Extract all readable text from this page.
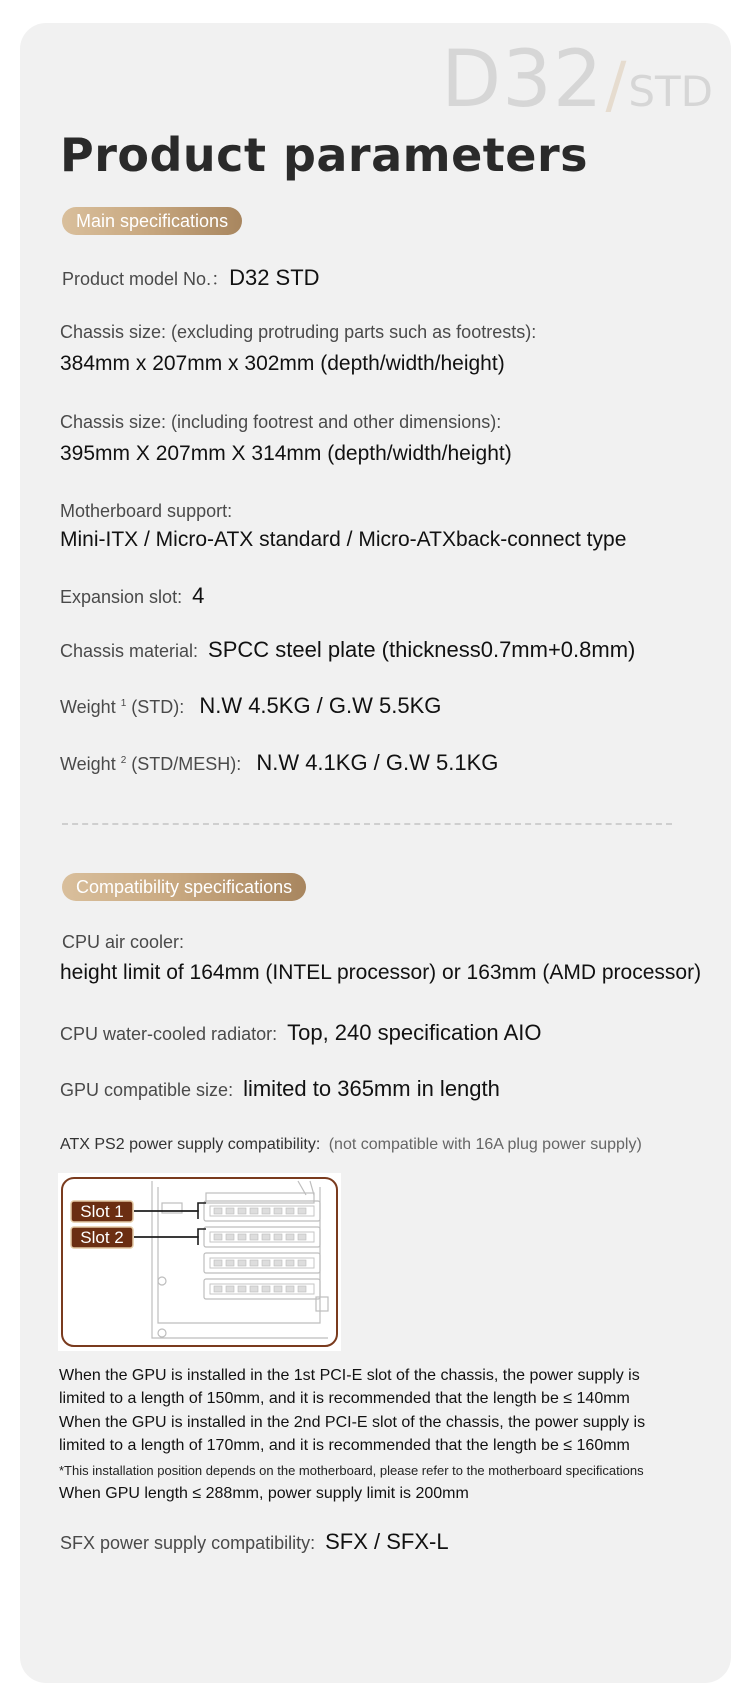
D32/STD
Product parameters
Main specifications
Product model No.：D32 STD
Chassis size: (excluding protruding parts such as footrests):
384mm x 207mm x 302mm (depth/width/height)
Chassis size: (including footrest and other dimensions):
395mm X 207mm X 314mm (depth/width/height)
Motherboard support:
Mini-ITX / Micro-ATX standard / Micro-ATXback-connect type
Expansion slot: 4
Chassis material: SPCC steel plate (thickness0.7mm+0.8mm)
Weight $^1$ (STD): N.W 4.5KG / G.W 5.5KG
Weight $^2$ (STD/MESH): N.W 4.1KG / G.W 5.1KG
Compatibility specifications
CPU air cooler:
height limit of 164mm (INTEL processor) or 163mm (AMD processor)
CPU water-cooled radiator: Top, 240 specification AIO
GPU compatible size: limited to 365mm in length
ATX PS2 power supply compatibility: (not compatible with 16A plug power supply)
Slot 1
Slot 2
When the GPU is installed in the 1st PCI-E slot of the chassis, the power supply is
limited to a length of 150mm, and it is recommended that the length be ≤ 140mm
When the GPU is installed in the 2nd PCI-E slot of the chassis, the power supply is
limited to a length of 170mm, and it is recommended that the length be ≤ 160mm
*This installation position depends on the motherboard, please refer to the motherboard specifications
When GPU length ≤ 288mm, power supply limit is 200mm
SFX power supply compatibility: SFX / SFX-L
